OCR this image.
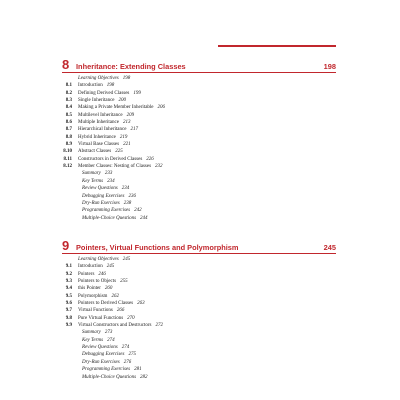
8 Inheritance: Extending Classes	198
Learning Objectives 198
8.1 Introduction 198
8.2 Defining Derived Classes 199
8.3 Single Inheritance 200
8.4 Making a Private Member Inheritable 206
8.5 Multilevel Inheritance 209
8.6 Multiple Inheritance 213
8.7 Hierarchical Inheritance 217
8.8 Hybrid Inheritance 219
8.9 Virtual Base Classes 221
8.10 Abstract Classes 225
8.11 Constructors in Derived Classes 226
8.12 Member Classes: Nesting of Classes 232
Summary 233
Key Terms 234
Review Questions 234
Debugging Exercises 236
Dry-Run Exercises 238
Programming Exercises 242
Multiple-Choice Questions 244
9 Pointers, Virtual Functions and Polymorphism	245
Learning Objectives 245
9.1 Introduction 245
9.2 Pointers 246
9.3 Pointers to Objects 255
9.4 this Pointer 260
9.5 Polymorphism 262
9.6 Pointers to Derived Classes 263
9.7 Virtual Functions 266
9.8 Pure Virtual Functions 270
9.9 Virtual Constructors and Destructors 272
Summary 273
Key Terms 274
Review Questions 274
Debugging Exercises 275
Dry-Run Exercises 276
Programming Exercises 281
Multiple-Choice Questions 282
